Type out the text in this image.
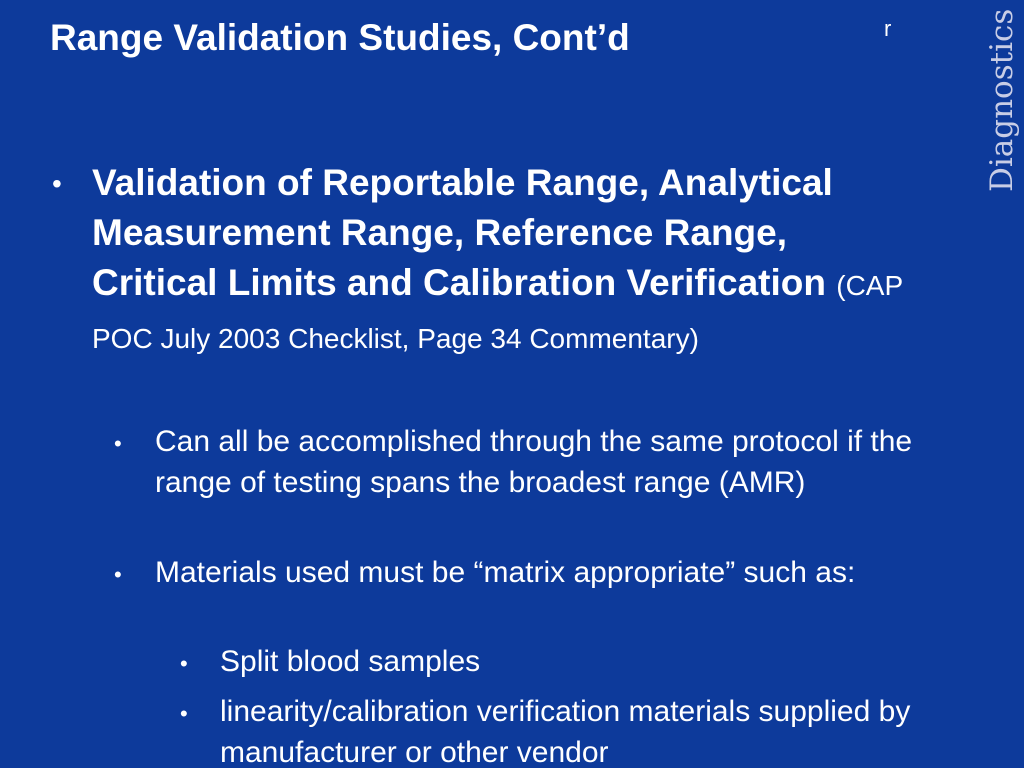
Range Validation Studies, Cont’d	r	Diagnostics
• Validation of Reportable Range, Analytical Measurement Range, Reference Range, Critical Limits and Calibration Verification (CAP POC July 2003 Checklist, Page 34 Commentary)
• Can all be accomplished through the same protocol if the range of testing spans the broadest range (AMR)
• Materials used must be “matrix appropriate” such as:
• Split blood samples
• linearity/calibration verification materials supplied by manufacturer or other vendor
